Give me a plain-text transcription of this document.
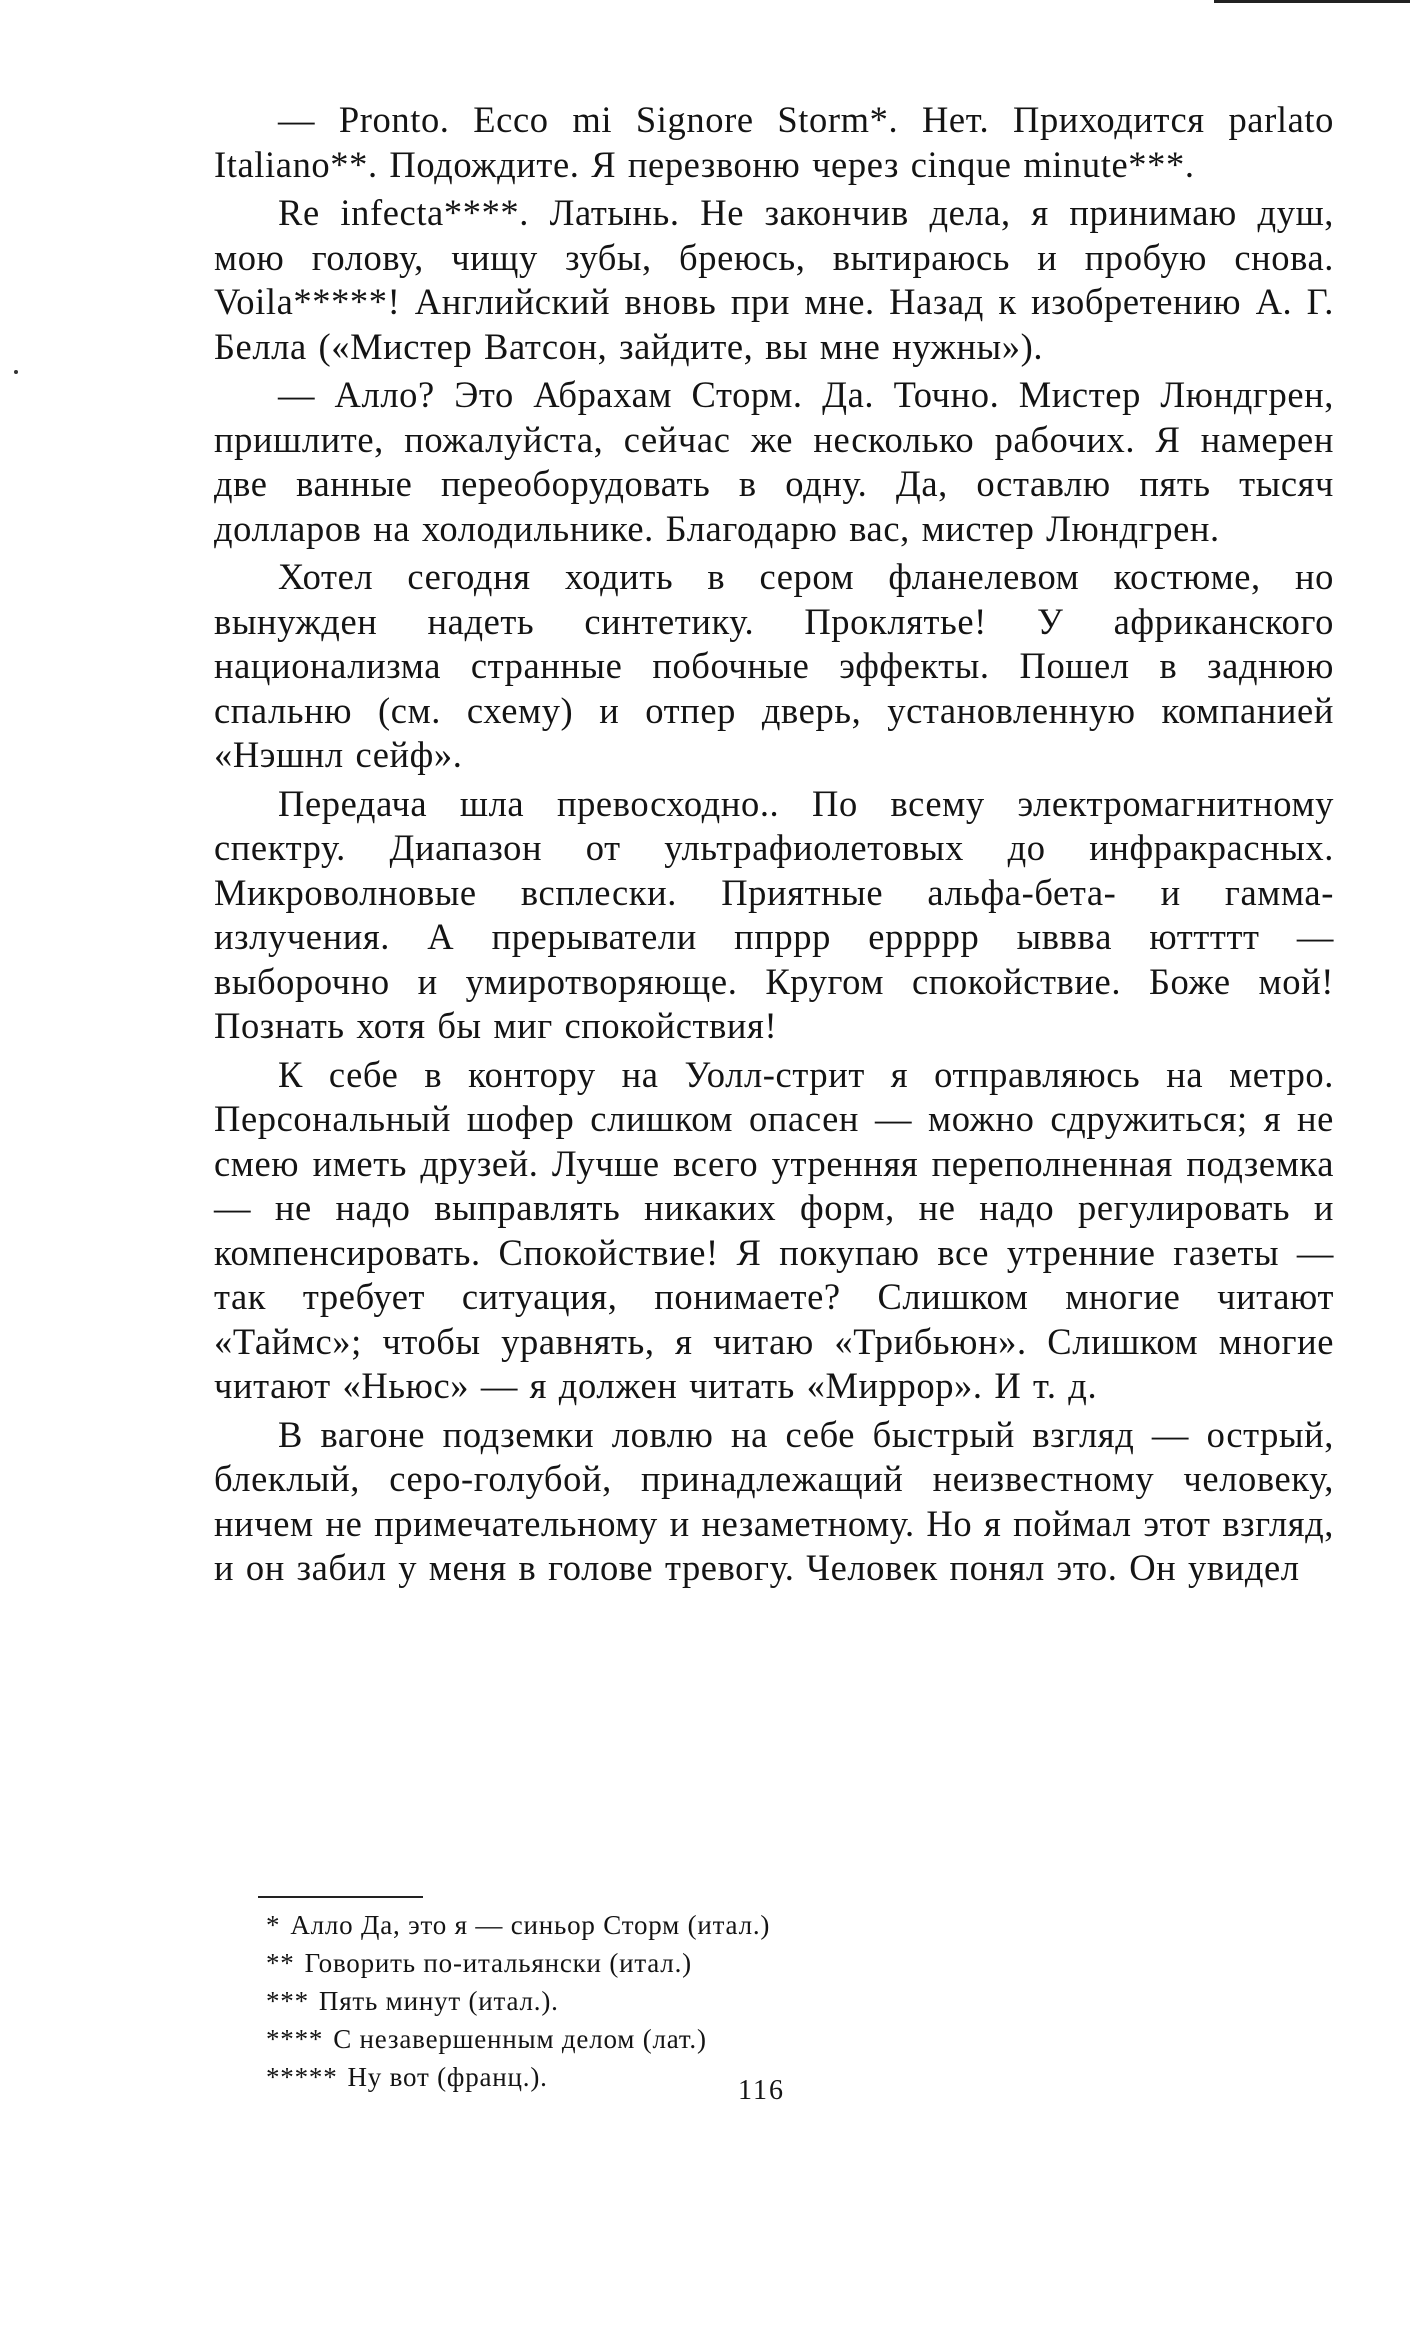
— Pronto. Ecco mi Signore Storm*. Нет. Приходится parlato Italiano**. Подождите. Я перезвоню через cinque minute***.

Re infecta****. Латынь. Не закончив дела, я принимаю душ, мою голову, чищу зубы, бреюсь, вытираюсь и пробую снова. Voila*****! Английский вновь при мне. Назад к изобретению А. Г. Белла («Мистер Ватсон, зайдите, вы мне нужны»).

— Алло? Это Абрахам Сторм. Да. Точно. Мистер Люндгрен, пришлите, пожалуйста, сейчас же несколько рабочих. Я намерен две ванные переоборудовать в одну. Да, оставлю пять тысяч долларов на холодильнике. Благодарю вас, мистер Люндгрен.

Хотел сегодня ходить в сером фланелевом костюме, но вынужден надеть синтетику. Проклятье! У африканского национализма странные побочные эффекты. Пошел в заднюю спальню (см. схему) и отпер дверь, установленную компанией «Нэшнл сейф».

Передача шла превосходно.. По всему электромагнитному спектру. Диапазон от ультрафиолетовых до инфракрасных. Микроволновые всплески. Приятные альфа-бета- и гамма-излучения. А прерыватели ппррр ерpppp ывввa юттттт — выборочно и умиротворяюще. Кругом спокойствие. Боже мой! Познать хотя бы миг спокойствия!

К себе в контору на Уолл-стрит я отправляюсь на метро. Персональный шофер слишком опасен — можно сдружиться; я не смею иметь друзей. Лучше всего утренняя переполненная подземка — не надо выправлять никаких форм, не надо регулировать и компенсировать. Спокойствие! Я покупаю все утренние газеты — так требует ситуация, понимаете? Слишком многие читают «Таймс»; чтобы уравнять, я читаю «Трибьюн». Слишком многие читают «Ньюс» — я должен читать «Миррор». И т. д.

В вагоне подземки ловлю на себе быстрый взгляд — острый, блеклый, серо-голубой, принадлежащий неизвестному человеку, ничем не примечательному и незаметному. Но я поймал этот взгляд, и он забил у меня в голове тревогу. Человек понял это. Он увидел

* Алло Да, это я — синьор Сторм (итал.)
** Говорить по-итальянски (итал.)
*** Пять минут (итал.).
**** С незавершенным делом (лат.)
***** Ну вот (франц.).	116
